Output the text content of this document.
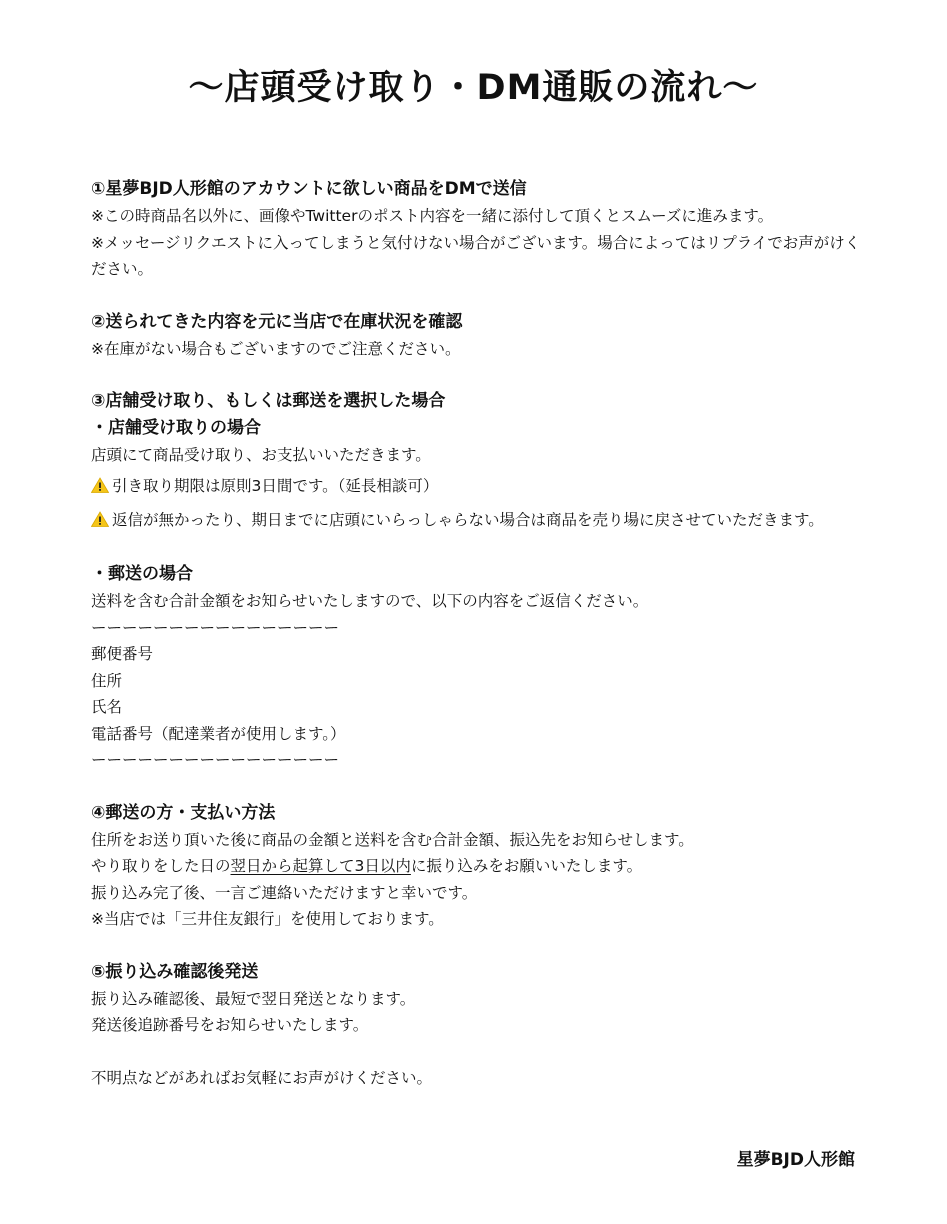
〜店頭受け取り・DM通販の流れ〜
①星夢BJD人形館のアカウントに欲しい商品をDMで送信
※この時商品名以外に、画像やTwitterのポスト内容を一緒に添付して頂くとスムーズに進みます。
※メッセージリクエストに入ってしまうと気付けない場合がございます。場合によってはリプライでお声がけください。
②送られてきた内容を元に当店で在庫状況を確認
※在庫がない場合もございますのでご注意ください。
③店舗受け取り、もしくは郵送を選択した場合
・店舗受け取りの場合
店頭にて商品受け取り、お支払いいただきます。
引き取り期限は原則3日間です。（延長相談可）
返信が無かったり、期日までに店頭にいらっしゃらない場合は商品を売り場に戻させていただきます。
・郵送の場合
送料を含む合計金額をお知らせいたしますので、以下の内容をご返信ください。
ーーーーーーーーーーーーーーーー
郵便番号
住所
氏名
電話番号（配達業者が使用します。）
ーーーーーーーーーーーーーーーー
④郵送の方・支払い方法
住所をお送り頂いた後に商品の金額と送料を含む合計金額、振込先をお知らせします。
やり取りをした日の翌日から起算して3日以内に振り込みをお願いいたします。
振り込み完了後、一言ご連絡いただけますと幸いです。
※当店では「三井住友銀行」を使用しております。
⑤振り込み確認後発送
振り込み確認後、最短で翌日発送となります。
発送後追跡番号をお知らせいたします。
不明点などがあればお気軽にお声がけください。
星夢BJD人形館
